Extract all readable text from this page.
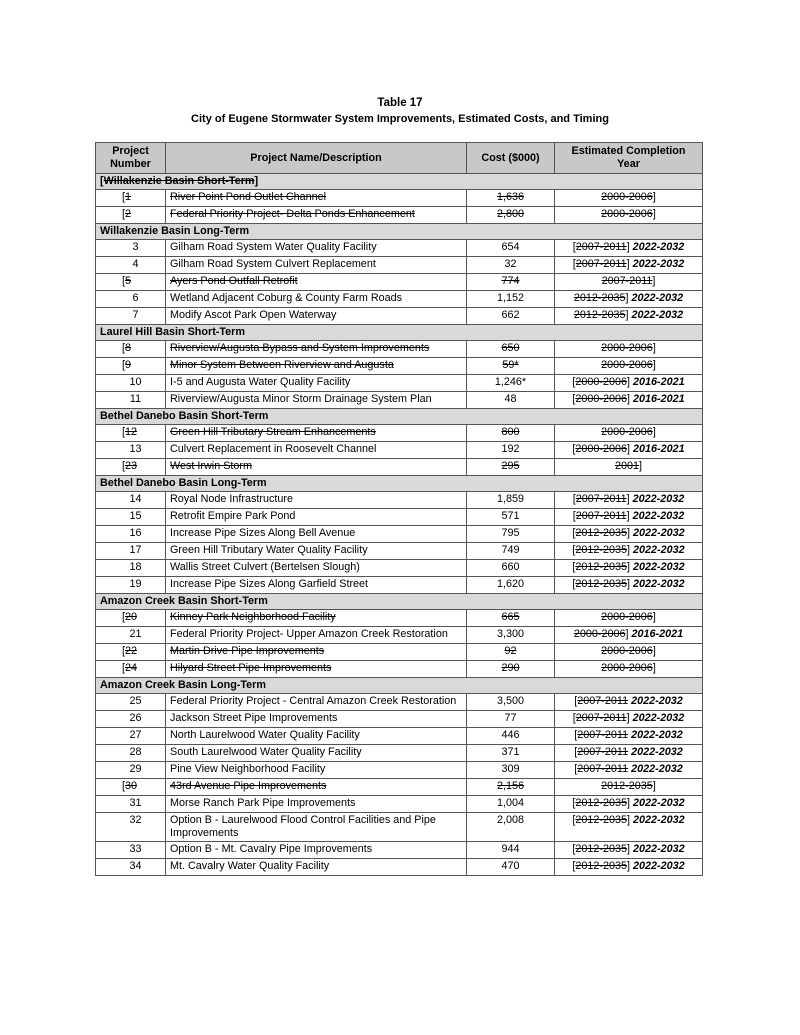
Table 17
City of Eugene Stormwater System Improvements, Estimated Costs, and Timing
Project Number	Project Name/Description	Cost ($000)	Estimated Completion Year
[Willakenzie Basin Short-Term]			
[1	River Point Pond Outlet Channel	1,636	2000-2006]
[2	Federal Priority Project- Delta Ponds Enhancement	2,800	2000-2006]
Willakenzie Basin Long-Term			
3	Gilham Road System Water Quality Facility	654	[2007-2011] 2022-2032
4	Gilham Road System Culvert Replacement	32	[2007-2011] 2022-2032
[5	Ayers Pond Outfall Retrofit	774	2007-2011]
6	Wetland Adjacent Coburg & County Farm Roads	1,152	2012-2035] 2022-2032
7	Modify Ascot Park Open Waterway	662	2012-2035] 2022-2032
Laurel Hill Basin Short-Term			
[8	Riverview/Augusta Bypass and System Improvements	650	2000-2006]
[9	Minor System Between Riverview and Augusta	59*	2000-2006]
10	I-5 and Augusta Water Quality Facility	1,246*	[2000-2006] 2016-2021
11	Riverview/Augusta Minor Storm Drainage System Plan	48	[2000-2006] 2016-2021
Bethel Danebo Basin Short-Term			
[12	Green Hill Tributary Stream Enhancements	800	2000-2006]
13	Culvert Replacement in Roosevelt Channel	192	[2000-2006] 2016-2021
[23	West Irwin Storm	295	2001]
Bethel Danebo Basin Long-Term			
14	Royal Node Infrastructure	1,859	[2007-2011] 2022-2032
15	Retrofit Empire Park Pond	571	[2007-2011] 2022-2032
16	Increase Pipe Sizes Along Bell Avenue	795	[2012-2035] 2022-2032
17	Green Hill Tributary Water Quality Facility	749	[2012-2035] 2022-2032
18	Wallis Street Culvert (Bertelsen Slough)	660	[2012-2035] 2022-2032
19	Increase Pipe Sizes Along Garfield Street	1,620	[2012-2035] 2022-2032
Amazon Creek Basin Short-Term			
[20	Kinney Park Neighborhood Facility	665	2000-2006]
21	Federal Priority Project- Upper Amazon Creek Restoration	3,300	2000-2006] 2016-2021
[22	Martin Drive Pipe Improvements	92	2000-2006]
[24	Hilyard Street Pipe Improvements	290	2000-2006]
Amazon Creek Basin Long-Term			
25	Federal Priority Project - Central Amazon Creek Restoration	3,500	[2007-2011 2022-2032
26	Jackson Street Pipe Improvements	77	[2007-2011] 2022-2032
27	North Laurelwood Water Quality Facility	446	[2007-2011 2022-2032
28	South Laurelwood Water Quality Facility	371	[2007-2011 2022-2032
29	Pine View Neighborhood Facility	309	[2007-2011 2022-2032
[30	43rd Avenue Pipe Improvements	2,156	2012-2035]
31	Morse Ranch Park Pipe Improvements	1,004	[2012-2035] 2022-2032
32	Option B - Laurelwood Flood Control Facilities and Pipe Improvements	2,008	[2012-2035] 2022-2032
33	Option B - Mt. Cavalry Pipe Improvements	944	[2012-2035] 2022-2032
34	Mt. Cavalry Water Quality Facility	470	[2012-2035] 2022-2032
